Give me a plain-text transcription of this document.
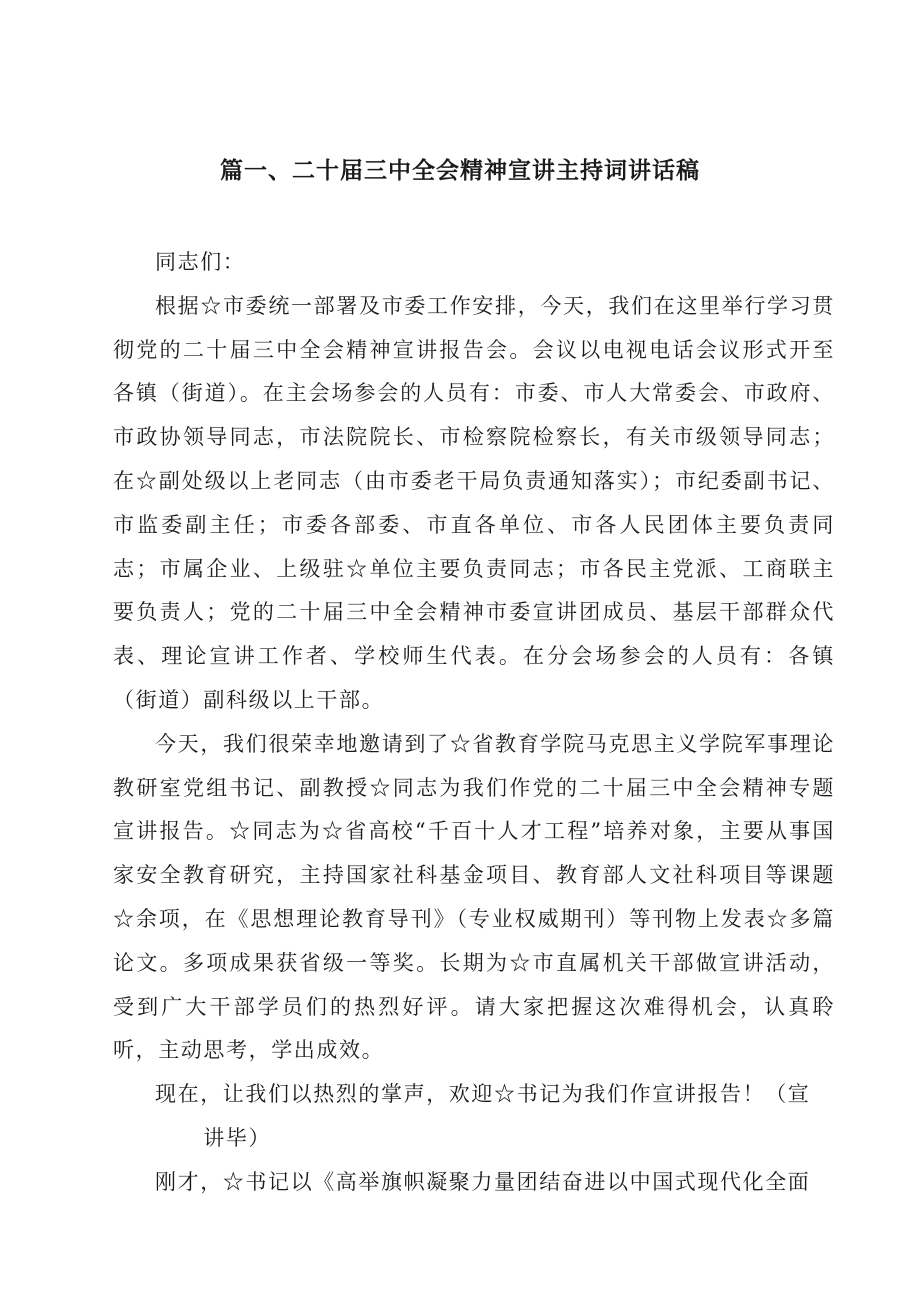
篇一、二十届三中全会精神宣讲主持词讲话稿

同志们：

根据☆市委统一部署及市委工作安排，今天，我们在这里举行学习贯彻党的二十届三中全会精神宣讲报告会。会议以电视电话会议形式开至各镇（街道）。在主会场参会的人员有：市委、市人大常委会、市政府、市政协领导同志，市法院院长、市检察院检察长，有关市级领导同志；在☆副处级以上老同志（由市委老干局负责通知落实）；市纪委副书记、市监委副主任；市委各部委、市直各单位、市各人民团体主要负责同志；市属企业、上级驻☆单位主要负责同志；市各民主党派、工商联主要负责人；党的二十届三中全会精神市委宣讲团成员、基层干部群众代表、理论宣讲工作者、学校师生代表。在分会场参会的人员有：各镇（街道）副科级以上干部。

今天，我们很荣幸地邀请到了☆省教育学院马克思主义学院军事理论教研室党组书记、副教授☆同志为我们作党的二十届三中全会精神专题宣讲报告。☆同志为☆省高校“千百十人才工程”培养对象，主要从事国家安全教育研究，主持国家社科基金项目、教育部人文社科项目等课题☆余项，在《思想理论教育导刊》（专业权威期刊）等刊物上发表☆多篇论文。多项成果获省级一等奖。长期为☆市直属机关干部做宣讲活动，受到广大干部学员们的热烈好评。请大家把握这次难得机会，认真聆听，主动思考，学出成效。

现在，让我们以热烈的掌声，欢迎☆书记为我们作宣讲报告！（宣
讲毕）

刚才，☆书记以《高举旗帜凝聚力量团结奋进以中国式现代化全面
